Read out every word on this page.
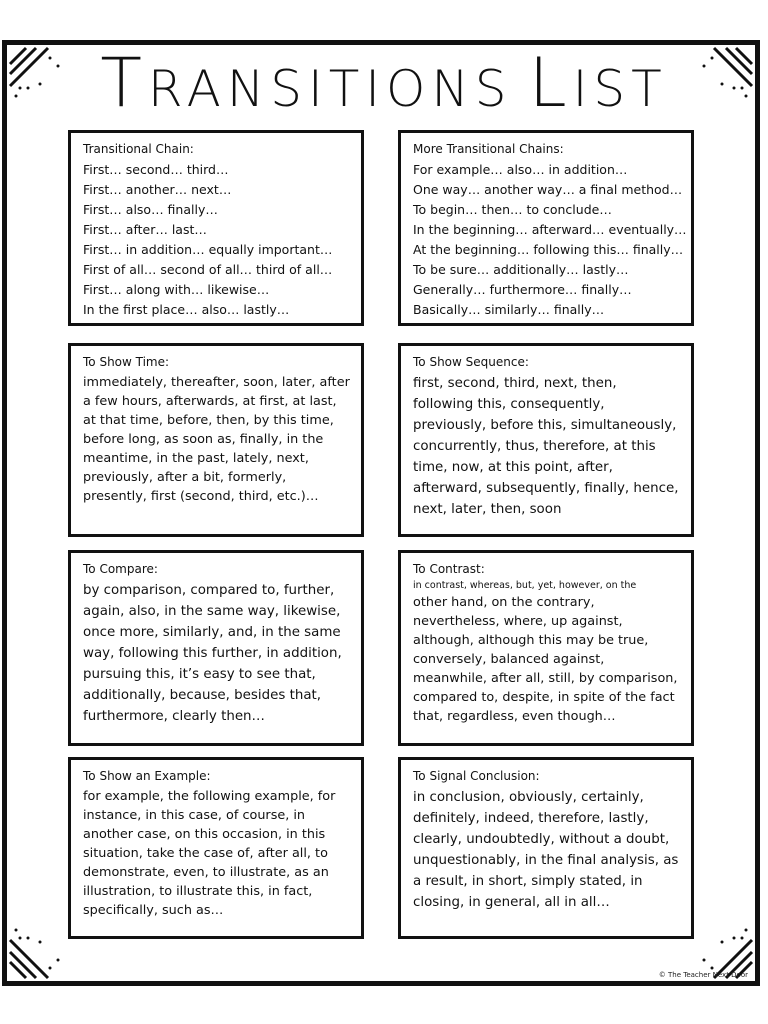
TRANSITIONS LIST

Transitional Chain:

First… second… third…
First… another… next…
First… also… finally…
First… after… last…
First… in addition… equally important…
First of all… second of all… third of all…
First… along with… likewise…
In the first place… also… lastly…

More Transitional Chains:

For example… also… in addition…
One way… another way… a final method…
To begin… then… to conclude…
In the beginning… afterward… eventually…
At the beginning… following this… finally…
To be sure… additionally… lastly…
Generally… furthermore… finally…
Basically… similarly… finally…

To Show Time:

immediately, thereafter, soon, later, after a few hours, afterwards, at first, at last, at that time, before, then, by this time, before long, as soon as, finally, in the meantime, in the past, lately, next, previously, after a bit, formerly, presently, first (second, third, etc.)…

To Show Sequence:

first, second, third, next, then, following this, consequently, previously, before this, simultaneously, concurrently, thus, therefore, at this time, now, at this point, after, afterward, subsequently, finally, hence, next, later, then, soon

To Compare:

by comparison, compared to, further, again, also, in the same way, likewise, once more, similarly, and, in the same way, following this further, in addition, pursuing this, it’s easy to see that, additionally, because, besides that, furthermore, clearly then…

To Contrast:

in contrast, whereas, but, yet, however, on the

other hand, on the contrary, nevertheless, where, up against, although, although this may be true, conversely, balanced against, meanwhile, after all, still, by comparison, compared to, despite, in spite of the fact that, regardless, even though…

To Show an Example:

for example, the following example, for instance, in this case, of course, in another case, on this occasion, in this situation, take the case of, after all, to demonstrate, even, to illustrate, as an illustration, to illustrate this, in fact, specifically, such as…

To Signal Conclusion:

in conclusion, obviously, certainly, definitely, indeed, therefore, lastly, clearly, undoubtedly, without a doubt, unquestionably, in the final analysis, as a result, in short, simply stated, in closing, in general, all in all…

© The Teacher Next Door
